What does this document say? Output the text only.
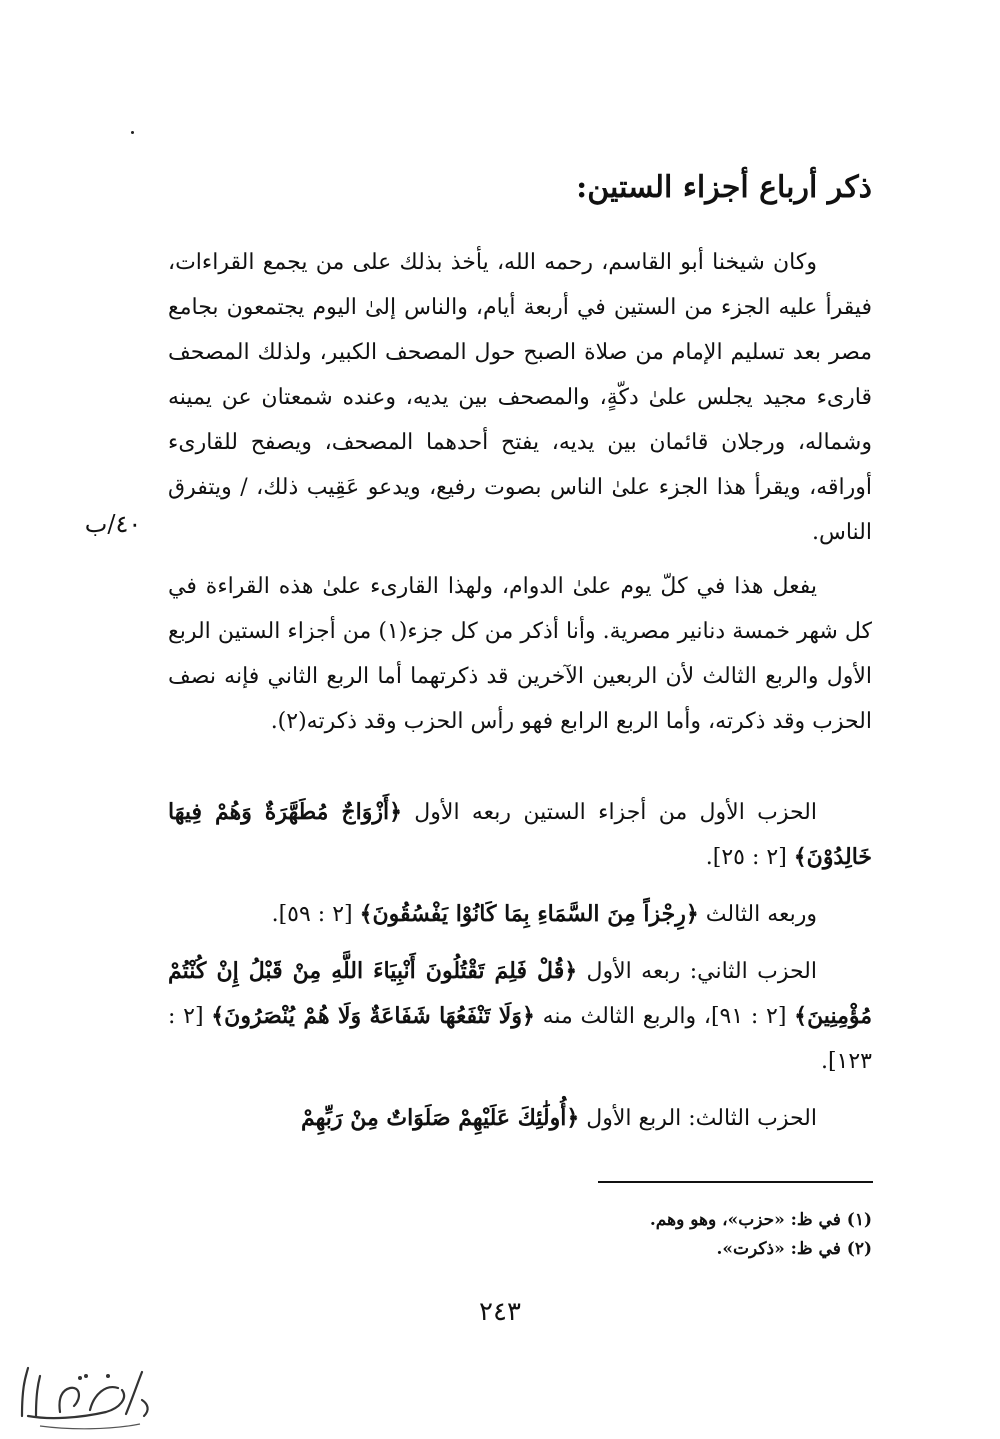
ذكر أرباع أجزاء الستين:
٤٠/ب

وكان شيخنا أبو القاسم، رحمه الله، يأخذ بذلك على من يجمع القراءات، فيقرأ عليه الجزء من الستين في أربعة أيام، والناس إلىٰ اليوم يجتمعون بجامع مصر بعد تسليم الإمام من صلاة الصبح حول المصحف الكبير، ولذلك المصحف قارىء مجيد يجلس علىٰ دكّةٍ، والمصحف بين يديه، وعنده شمعتان عن يمينه وشماله، ورجلان قائمان بين يديه، يفتح أحدهما المصحف، ويصفح للقارىء أوراقه، ويقرأ هذا الجزء علىٰ الناس بصوت رفيع، ويدعو عَقِيب ذلك، / ويتفرق الناس.

يفعل هذا في كلّ يوم علىٰ الدوام، ولهذا القارىء علىٰ هذه القراءة في كل شهر خمسة دنانير مصرية. وأنا أذكر من كل جزء(١) من أجزاء الستين الربع الأول والربع الثالث لأن الربعين الآخرين قد ذكرتهما أما الربع الثاني فإنه نصف الحزب وقد ذكرته، وأما الربع الرابع فهو رأس الحزب وقد ذكرته(٢).

الحزب الأول من أجزاء الستين ربعه الأول ﴿أَزْوَاجٌ مُطَهَّرَةٌ وَهُمْ فِيهَا خَالِدُوْنَ﴾ [٢ : ٢٥].

وربعه الثالث ﴿رِجْزاً مِنَ السَّمَاءِ بِمَا كَانُوْا يَفْسُقُونَ﴾ [٢ : ٥٩].

الحزب الثاني: ربعه الأول ﴿قُلْ فَلِمَ تَقْتُلُونَ أَنْبِيَاءَ اللَّهِ مِنْ قَبْلُ إِنْ كُنْتُمْ مُؤْمِنِينَ﴾ [٢ : ٩١]، والربع الثالث منه ﴿وَلَا تَنْفَعُهَا شَفَاعَةٌ وَلَا هُمْ يُنْصَرُونَ﴾ [٢ : ١٢٣].

الحزب الثالث: الربع الأول ﴿أُولَٰئِكَ عَلَيْهِمْ صَلَوَاتٌ مِنْ رَبِّهِمْ

(١) في ظ: «حزب»، وهو وهم.
(٢) في ظ: «ذكرت».
٢٤٣
